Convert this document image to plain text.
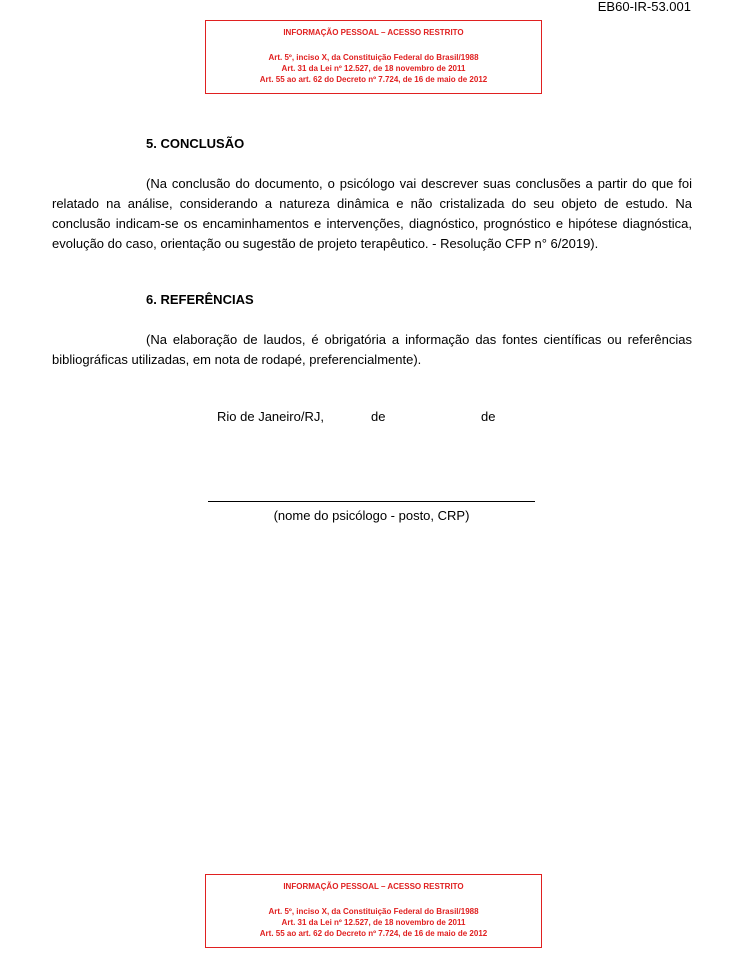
EB60-IR-53.001
INFORMAÇÃO PESSOAL – ACESSO RESTRITO
Art. 5º, inciso X, da Constituição Federal do Brasil/1988
Art. 31 da Lei nº 12.527, de 18 novembro de 2011
Art. 55 ao art. 62 do Decreto nº 7.724, de 16 de maio de 2012
5. CONCLUSÃO
(Na conclusão do documento, o psicólogo vai descrever suas conclusões a partir do que foi relatado na análise, considerando a natureza dinâmica e não cristalizada do seu objeto de estudo. Na conclusão indicam-se os encaminhamentos e intervenções, diagnóstico, prognóstico e hipótese diagnóstica, evolução do caso, orientação ou sugestão de projeto terapêutico. - Resolução CFP n° 6/2019).
6. REFERÊNCIAS
(Na elaboração de laudos, é obrigatória a informação das fontes científicas ou referências bibliográficas utilizadas, em nota de rodapé, preferencialmente).
Rio de Janeiro/RJ,	de	de
(nome do psicólogo - posto, CRP)
INFORMAÇÃO PESSOAL – ACESSO RESTRITO
Art. 5º, inciso X, da Constituição Federal do Brasil/1988
Art. 31 da Lei nº 12.527, de 18 novembro de 2011
Art. 55 ao art. 62 do Decreto nº 7.724, de 16 de maio de 2012
